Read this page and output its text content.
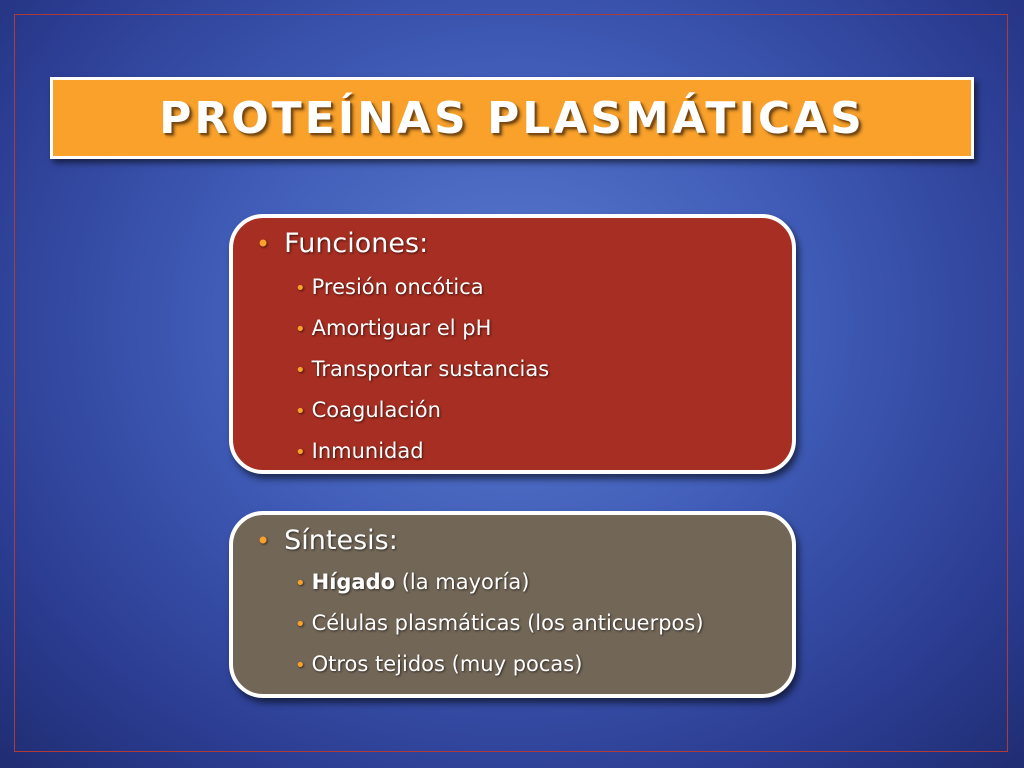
PROTEÍNAS PLASMÁTICAS
• Funciones:
• Presión oncótica
• Amortiguar el pH
• Transportar sustancias
• Coagulación
• Inmunidad
• Síntesis:
• Hígado (la mayoría)
• Células plasmáticas (los anticuerpos)
• Otros tejidos (muy pocas)
